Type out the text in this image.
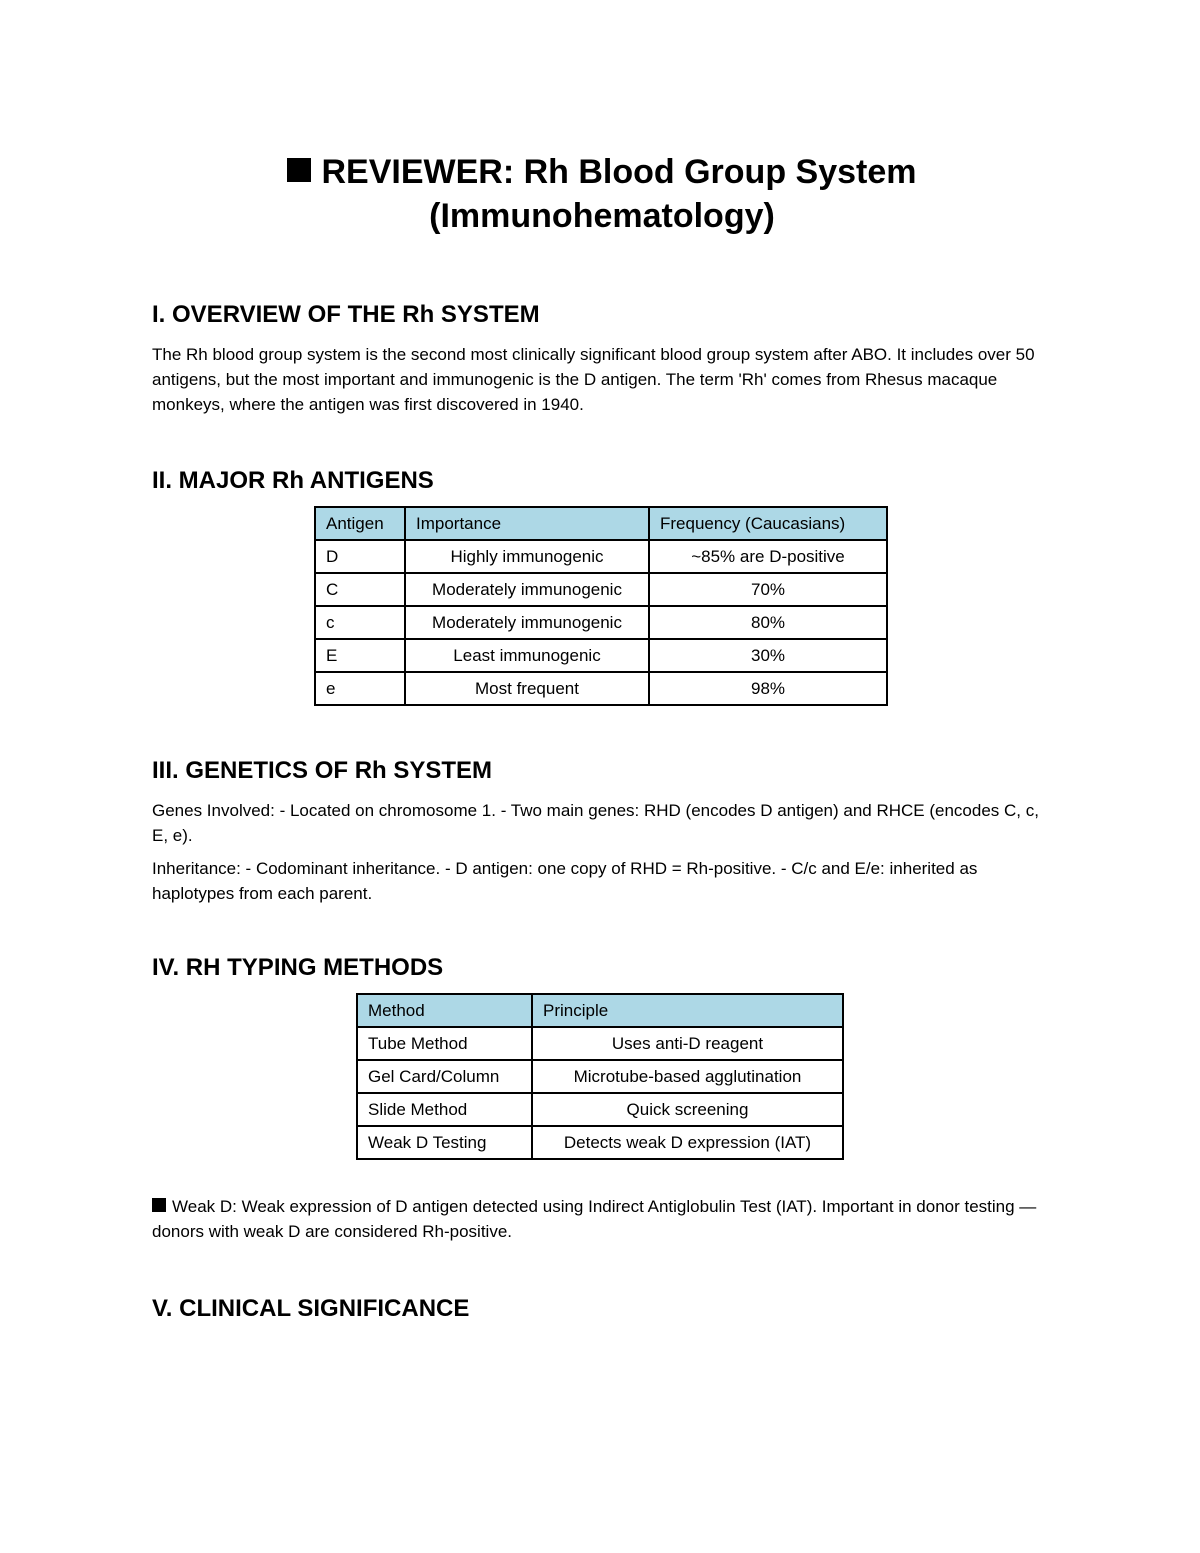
REVIEWER: Rh Blood Group System
(Immunohematology)
I. OVERVIEW OF THE Rh SYSTEM

The Rh blood group system is the second most clinically significant blood group system after ABO. It includes over 50 antigens, but the most important and immunogenic is the D antigen. The term 'Rh' comes from Rhesus macaque monkeys, where the antigen was first discovered in 1940.

II. MAJOR Rh ANTIGENS
Antigen	Importance	Frequency (Caucasians)
D	Highly immunogenic	~85% are D-positive
C	Moderately immunogenic	70%
c	Moderately immunogenic	80%
E	Least immunogenic	30%
e	Most frequent	98%
III. GENETICS OF Rh SYSTEM

Genes Involved: - Located on chromosome 1. - Two main genes: RHD (encodes D antigen) and RHCE (encodes C, c, E, e).

Inheritance: - Codominant inheritance. - D antigen: one copy of RHD = Rh-positive. - C/c and E/e: inherited as haplotypes from each parent.

IV. RH TYPING METHODS
Method	Principle
Tube Method	Uses anti-D reagent
Gel Card/Column	Microtube-based agglutination
Slide Method	Quick screening
Weak D Testing	Detects weak D expression (IAT)

Weak D: Weak expression of D antigen detected using Indirect Antiglobulin Test (IAT). Important in donor testing — donors with weak D are considered Rh-positive.

V. CLINICAL SIGNIFICANCE
